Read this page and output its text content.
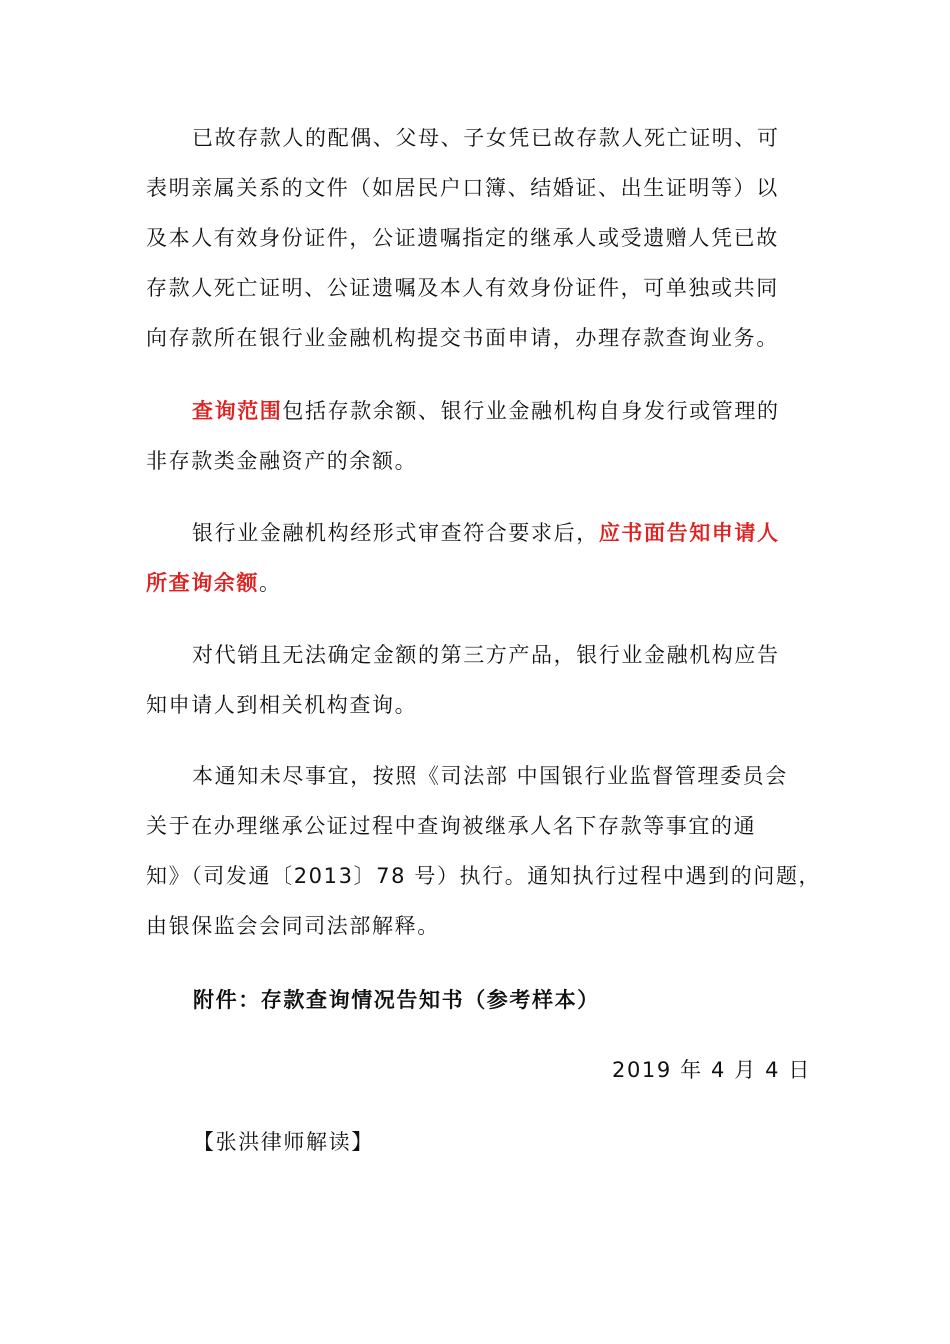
已故存款人的配偶、父母、子女凭已故存款人死亡证明、可
表明亲属关系的文件（如居民户口簿、结婚证、出生证明等）以
及本人有效身份证件，公证遗嘱指定的继承人或受遗赠人凭已故
存款人死亡证明、公证遗嘱及本人有效身份证件，可单独或共同
向存款所在银行业金融机构提交书面申请，办理存款查询业务。
查询范围包括存款余额、银行业金融机构自身发行或管理的
非存款类金融资产的余额。
银行业金融机构经形式审查符合要求后，应书面告知申请人
所查询余额。
对代销且无法确定金额的第三方产品，银行业金融机构应告
知申请人到相关机构查询。
本通知未尽事宜，按照《司法部 中国银行业监督管理委员会
关于在办理继承公证过程中查询被继承人名下存款等事宜的通
知》（司发通〔2013〕78 号）执行。通知执行过程中遇到的问题，
由银保监会会同司法部解释。
附件：存款查询情况告知书（参考样本）
2019 年 4 月 4 日
【张洪律师解读】
